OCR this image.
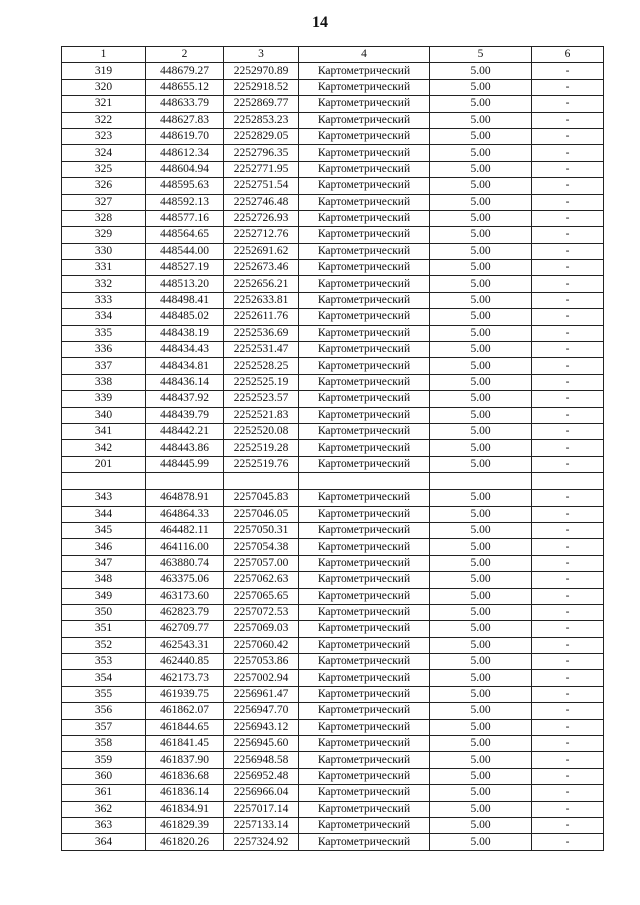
14
1	2	3	4	5	6
319	448679.27	2252970.89	Картометрический	5.00	-
320	448655.12	2252918.52	Картометрический	5.00	-
321	448633.79	2252869.77	Картометрический	5.00	-
322	448627.83	2252853.23	Картометрический	5.00	-
323	448619.70	2252829.05	Картометрический	5.00	-
324	448612.34	2252796.35	Картометрический	5.00	-
325	448604.94	2252771.95	Картометрический	5.00	-
326	448595.63	2252751.54	Картометрический	5.00	-
327	448592.13	2252746.48	Картометрический	5.00	-
328	448577.16	2252726.93	Картометрический	5.00	-
329	448564.65	2252712.76	Картометрический	5.00	-
330	448544.00	2252691.62	Картометрический	5.00	-
331	448527.19	2252673.46	Картометрический	5.00	-
332	448513.20	2252656.21	Картометрический	5.00	-
333	448498.41	2252633.81	Картометрический	5.00	-
334	448485.02	2252611.76	Картометрический	5.00	-
335	448438.19	2252536.69	Картометрический	5.00	-
336	448434.43	2252531.47	Картометрический	5.00	-
337	448434.81	2252528.25	Картометрический	5.00	-
338	448436.14	2252525.19	Картометрический	5.00	-
339	448437.92	2252523.57	Картометрический	5.00	-
340	448439.79	2252521.83	Картометрический	5.00	-
341	448442.21	2252520.08	Картометрический	5.00	-
342	448443.86	2252519.28	Картометрический	5.00	-
201	448445.99	2252519.76	Картометрический	5.00	-

343	464878.91	2257045.83	Картометрический	5.00	-
344	464864.33	2257046.05	Картометрический	5.00	-
345	464482.11	2257050.31	Картометрический	5.00	-
346	464116.00	2257054.38	Картометрический	5.00	-
347	463880.74	2257057.00	Картометрический	5.00	-
348	463375.06	2257062.63	Картометрический	5.00	-
349	463173.60	2257065.65	Картометрический	5.00	-
350	462823.79	2257072.53	Картометрический	5.00	-
351	462709.77	2257069.03	Картометрический	5.00	-
352	462543.31	2257060.42	Картометрический	5.00	-
353	462440.85	2257053.86	Картометрический	5.00	-
354	462173.73	2257002.94	Картометрический	5.00	-
355	461939.75	2256961.47	Картометрический	5.00	-
356	461862.07	2256947.70	Картометрический	5.00	-
357	461844.65	2256943.12	Картометрический	5.00	-
358	461841.45	2256945.60	Картометрический	5.00	-
359	461837.90	2256948.58	Картометрический	5.00	-
360	461836.68	2256952.48	Картометрический	5.00	-
361	461836.14	2256966.04	Картометрический	5.00	-
362	461834.91	2257017.14	Картометрический	5.00	-
363	461829.39	2257133.14	Картометрический	5.00	-
364	461820.26	2257324.92	Картометрический	5.00	-
